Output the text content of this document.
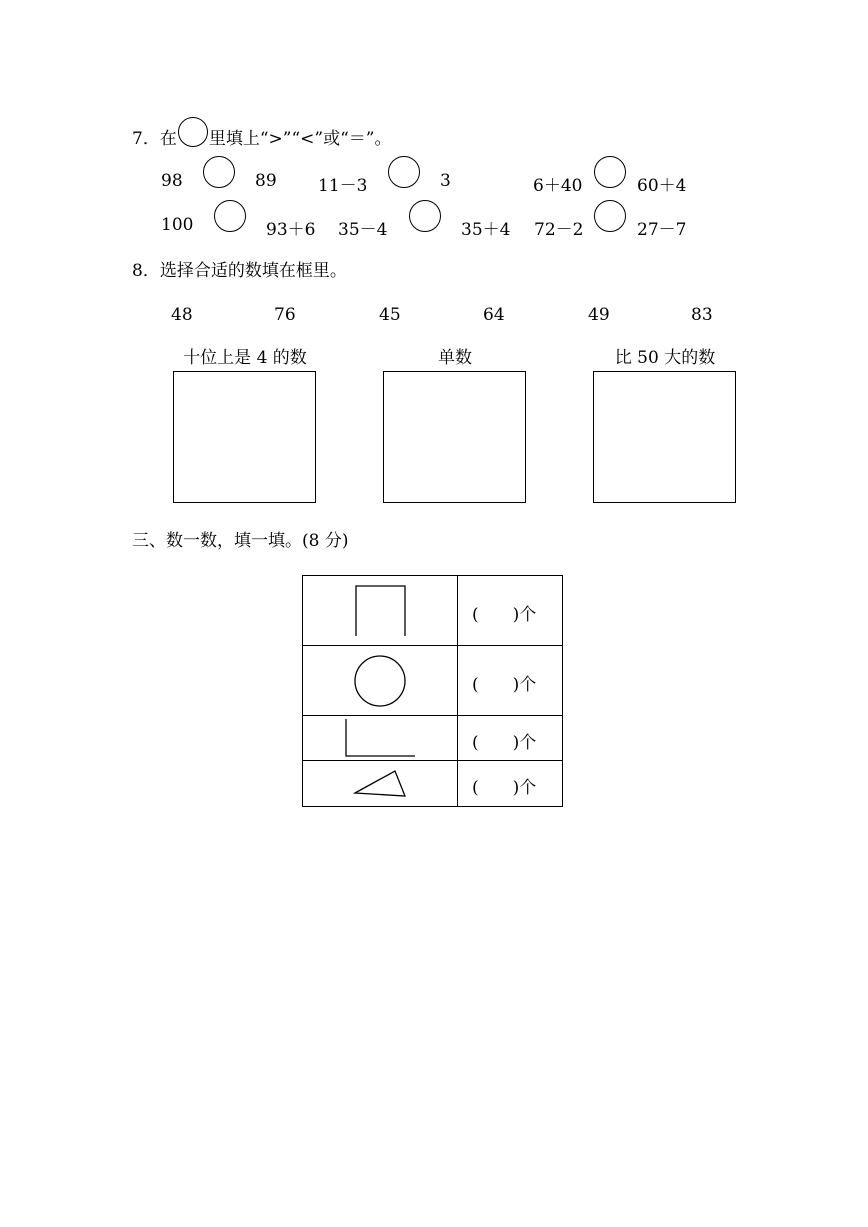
7．在 里填上“>”“<”或“＝”。
98	89 11－3	3	6＋40	60＋4
100	93＋6 35－4	35＋4 72－2	27－7
8．选择合适的数填在框里。
48	76	45	64	49	83
十位上是 4 的数	单数	比 50 大的数
三、数一数，填一填。(8 分)

(　　)个

(　　)个

(　　)个

(　　)个
